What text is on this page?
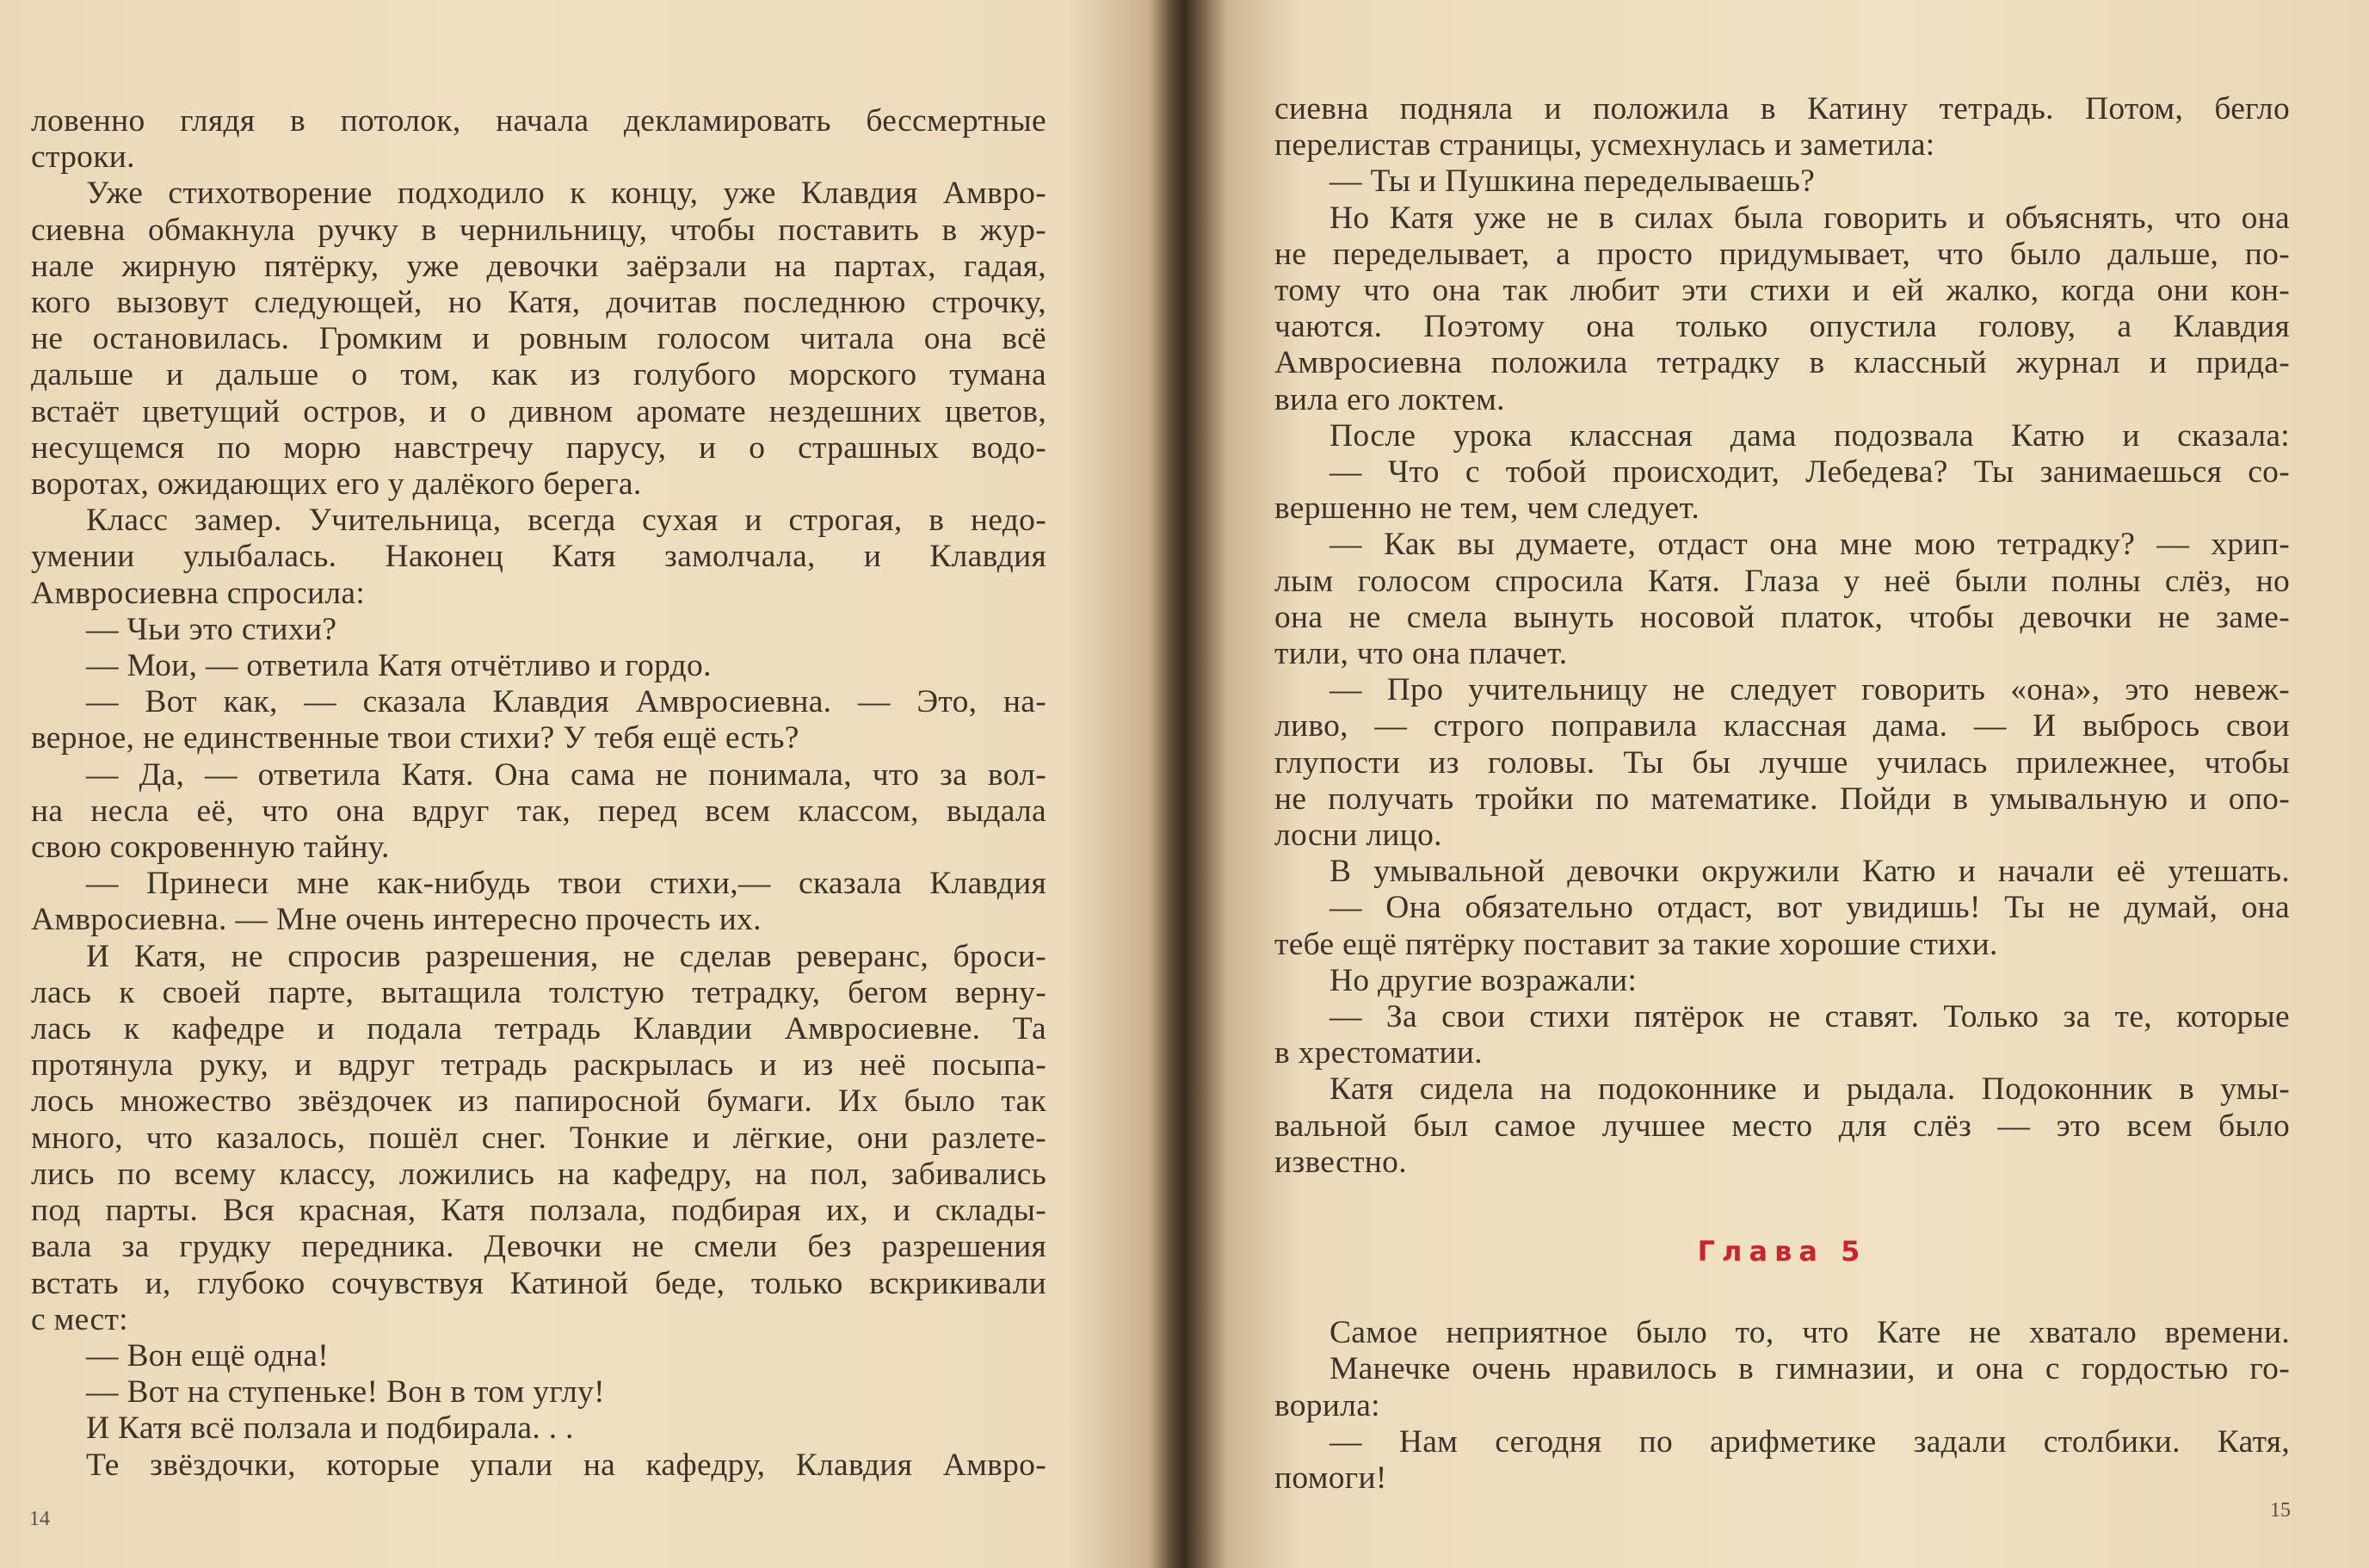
ловенно глядя в потолок, начала декламировать бессмертные
строки.
Уже стихотворение подходило к концу, уже Клавдия Амвро-
сиевна обмакнула ручку в чернильницу, чтобы поставить в жур-
нале жирную пятёрку, уже девочки заёрзали на партах, гадая,
кого вызовут следующей, но Катя, дочитав последнюю строчку,
не остановилась. Громким и ровным голосом читала она всё
дальше и дальше о том, как из голубого морского тумана
встаёт цветущий остров, и о дивном аромате нездешних цветов,
несущемся по морю навстречу парусу, и о страшных водо-
воротах, ожидающих его у далёкого берега.
Класс замер. Учительница, всегда сухая и строгая, в недо-
умении улыбалась. Наконец Катя замолчала, и Клавдия
Амвросиевна спросила:
— Чьи это стихи?
— Мои, — ответила Катя отчётливо и гордо.
— Вот как, — сказала Клавдия Амвросиевна. — Это, на-
верное, не единственные твои стихи? У тебя ещё есть?
— Да, — ответила Катя. Она сама не понимала, что за вол-
на несла её, что она вдруг так, перед всем классом, выдала
свою сокровенную тайну.
— Принеси мне как-нибудь твои стихи,— сказала Клавдия
Амвросиевна. — Мне очень интересно прочесть их.
И Катя, не спросив разрешения, не сделав реверанс, броси-
лась к своей парте, вытащила толстую тетрадку, бегом верну-
лась к кафедре и подала тетрадь Клавдии Амвросиевне. Та
протянула руку, и вдруг тетрадь раскрылась и из неё посыпа-
лось множество звёздочек из папиросной бумаги. Их было так
много, что казалось, пошёл снег. Тонкие и лёгкие, они разлете-
лись по всему классу, ложились на кафедру, на пол, забивались
под парты. Вся красная, Катя ползала, подбирая их, и склады-
вала за грудку передника. Девочки не смели без разрешения
встать и, глубоко сочувствуя Катиной беде, только вскрикивали
с мест:
— Вон ещё одна!
— Вот на ступеньке! Вон в том углу!
И Катя всё ползала и подбирала. . .
Те звёздочки, которые упали на кафедру, Клавдия Амвро-
14
сиевна подняла и положила в Катину тетрадь. Потом, бегло
перелистав страницы, усмехнулась и заметила:
— Ты и Пушкина переделываешь?
Но Катя уже не в силах была говорить и объяснять, что она
не переделывает, а просто придумывает, что было дальше, по-
тому что она так любит эти стихи и ей жалко, когда они кон-
чаются. Поэтому она только опустила голову, а Клавдия
Амвросиевна положила тетрадку в классный журнал и прида-
вила его локтем.
После урока классная дама подозвала Катю и сказала:
— Что с тобой происходит, Лебедева? Ты занимаешься со-
вершенно не тем, чем следует.
— Как вы думаете, отдаст она мне мою тетрадку? — хрип-
лым голосом спросила Катя. Глаза у неё были полны слёз, но
она не смела вынуть носовой платок, чтобы девочки не заме-
тили, что она плачет.
— Про учительницу не следует говорить «она», это невеж-
ливо, — строго поправила классная дама. — И выбрось свои
глупости из головы. Ты бы лучше училась прилежнее, чтобы
не получать тройки по математике. Пойди в умывальную и опо-
лосни лицо.
В умывальной девочки окружили Катю и начали её утешать.
— Она обязательно отдаст, вот увидишь! Ты не думай, она
тебе ещё пятёрку поставит за такие хорошие стихи.
Но другие возражали:
— За свои стихи пятёрок не ставят. Только за те, которые
в хрестоматии.
Катя сидела на подоконнике и рыдала. Подоконник в умы-
вальной был самое лучшее место для слёз — это всем было
известно.
Глава 5
Самое неприятное было то, что Кате не хватало времени.
Манечке очень нравилось в гимназии, и она с гордостью го-
ворила:
— Нам сегодня по арифметике задали столбики. Катя,
помоги!
15
